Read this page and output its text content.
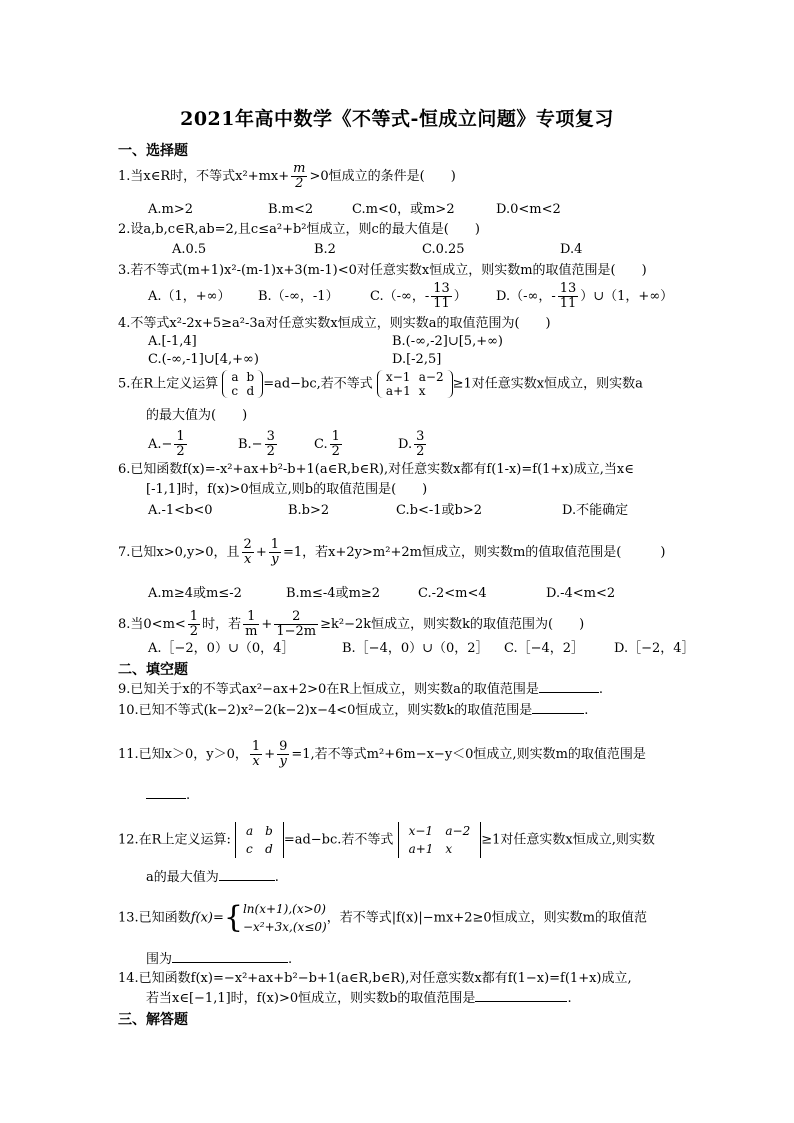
2021年高中数学《不等式-恒成立问题》专项复习
一、选择题
1.当x∈R时，不等式$x^2+mx+ \frac{m}{2} >0$恒成立的条件是(　　)
A.m>2	B.m<2	C.m<0，或m>2	D.0<m<2
2.设a,b,c∈R,ab=2,且c≤a²+b²恒成立，则c的最大值是(　　)
A.0.5	B.2	C.0.25	D.4
3.若不等式(m+1)x²-(m-1)x+3(m-1)<0对任意实数x恒成立，则实数m的取值范围是(　　)
A.（1，+∞） B.（-∞，-1） C.（-∞，- $\frac{13}{11}$ ） D.（-∞，- $\frac{13}{11}$ ）∪（1，+∞）
4.不等式x²-2x+5≥a²-3a对任意实数x恒成立，则实数a的取值范围为(　　)
A.[-1,4]	B.(-∞,-2]∪[5,+∞)
C.(-∞,-1]∪[4,+∞)	D.[-2,5]
5.在R上定义运算 a	b
c	d =ad−bc,若不等式 x−1	a−2
a+1	x ≥1对任意实数x恒成立，则实数a
的最大值为(　　)
$A.- \frac{1}{2}$	$B.- \frac{3}{2}$	C. $\frac{1}{2}$	D. $\frac{3}{2}$
6.已知函数f(x)=-x²+ax+b²-b+1(a∈R,b∈R),对任意实数x都有f(1-x)=f(1+x)成立,当x∈
[-1,1]时，f(x)>0恒成立,则b的取值范围是(　　)
A.-1<b<0	B.b>2	C.b<-1或b>2	D.不能确定
7.已知x>0,y>0，且 $\frac{2}{x} + \frac{1}{y} =1$，若x+2y>m²+2m恒成立，则实数m的值取值范围是(　　　)
A.m≥4或m≤-2	B.m≤-4或m≥2	C.-2<m<4	D.-4<m<2
8.当$0<m< \frac{1}{2}$ 时，若 $\frac{1}{m} + \frac{2}{1-2m} \ge k^2-2k$恒成立，则实数k的取值范围为(　　)
A.［−2，0）∪（0，4］	B.［−4，0）∪（0，2］ C.［−4，2］ D.［−2，4］
二、填空题
9.已知关于x的不等式ax²−ax+2>0在R上恒成立，则实数a的取值范围是	.
10.已知不等式(k−2)x²−2(k−2)x−4<0恒成立，则实数k的取值范围是	.
11.已知x＞0，y＞0， $\frac{1}{x} + \frac{9}{y} =1$,若不等式m²+6m−x−y＜0恒成立,则实数m的取值范围是
.
12.在R上定义运算:
a	b
c	d
=ad−bc.若不等式
x−1	a−2
a+1	x
≥1对任意实数x恒成立,则实数
a的最大值为	.
13.已知函数f(x)={ln(x+1),(x>0)
−x²+3x,(x≤0)，若不等式|f(x)|−mx+2≥0恒成立，则实数m的取值范
围为	.
14.已知函数f(x)=−x²+ax+b²−b+1(a∈R,b∈R),对任意实数x都有f(1−x)=f(1+x)成立,
若当x∈[−1,1]时，f(x)>0恒成立，则实数b的取值范围是	.
三、解答题
